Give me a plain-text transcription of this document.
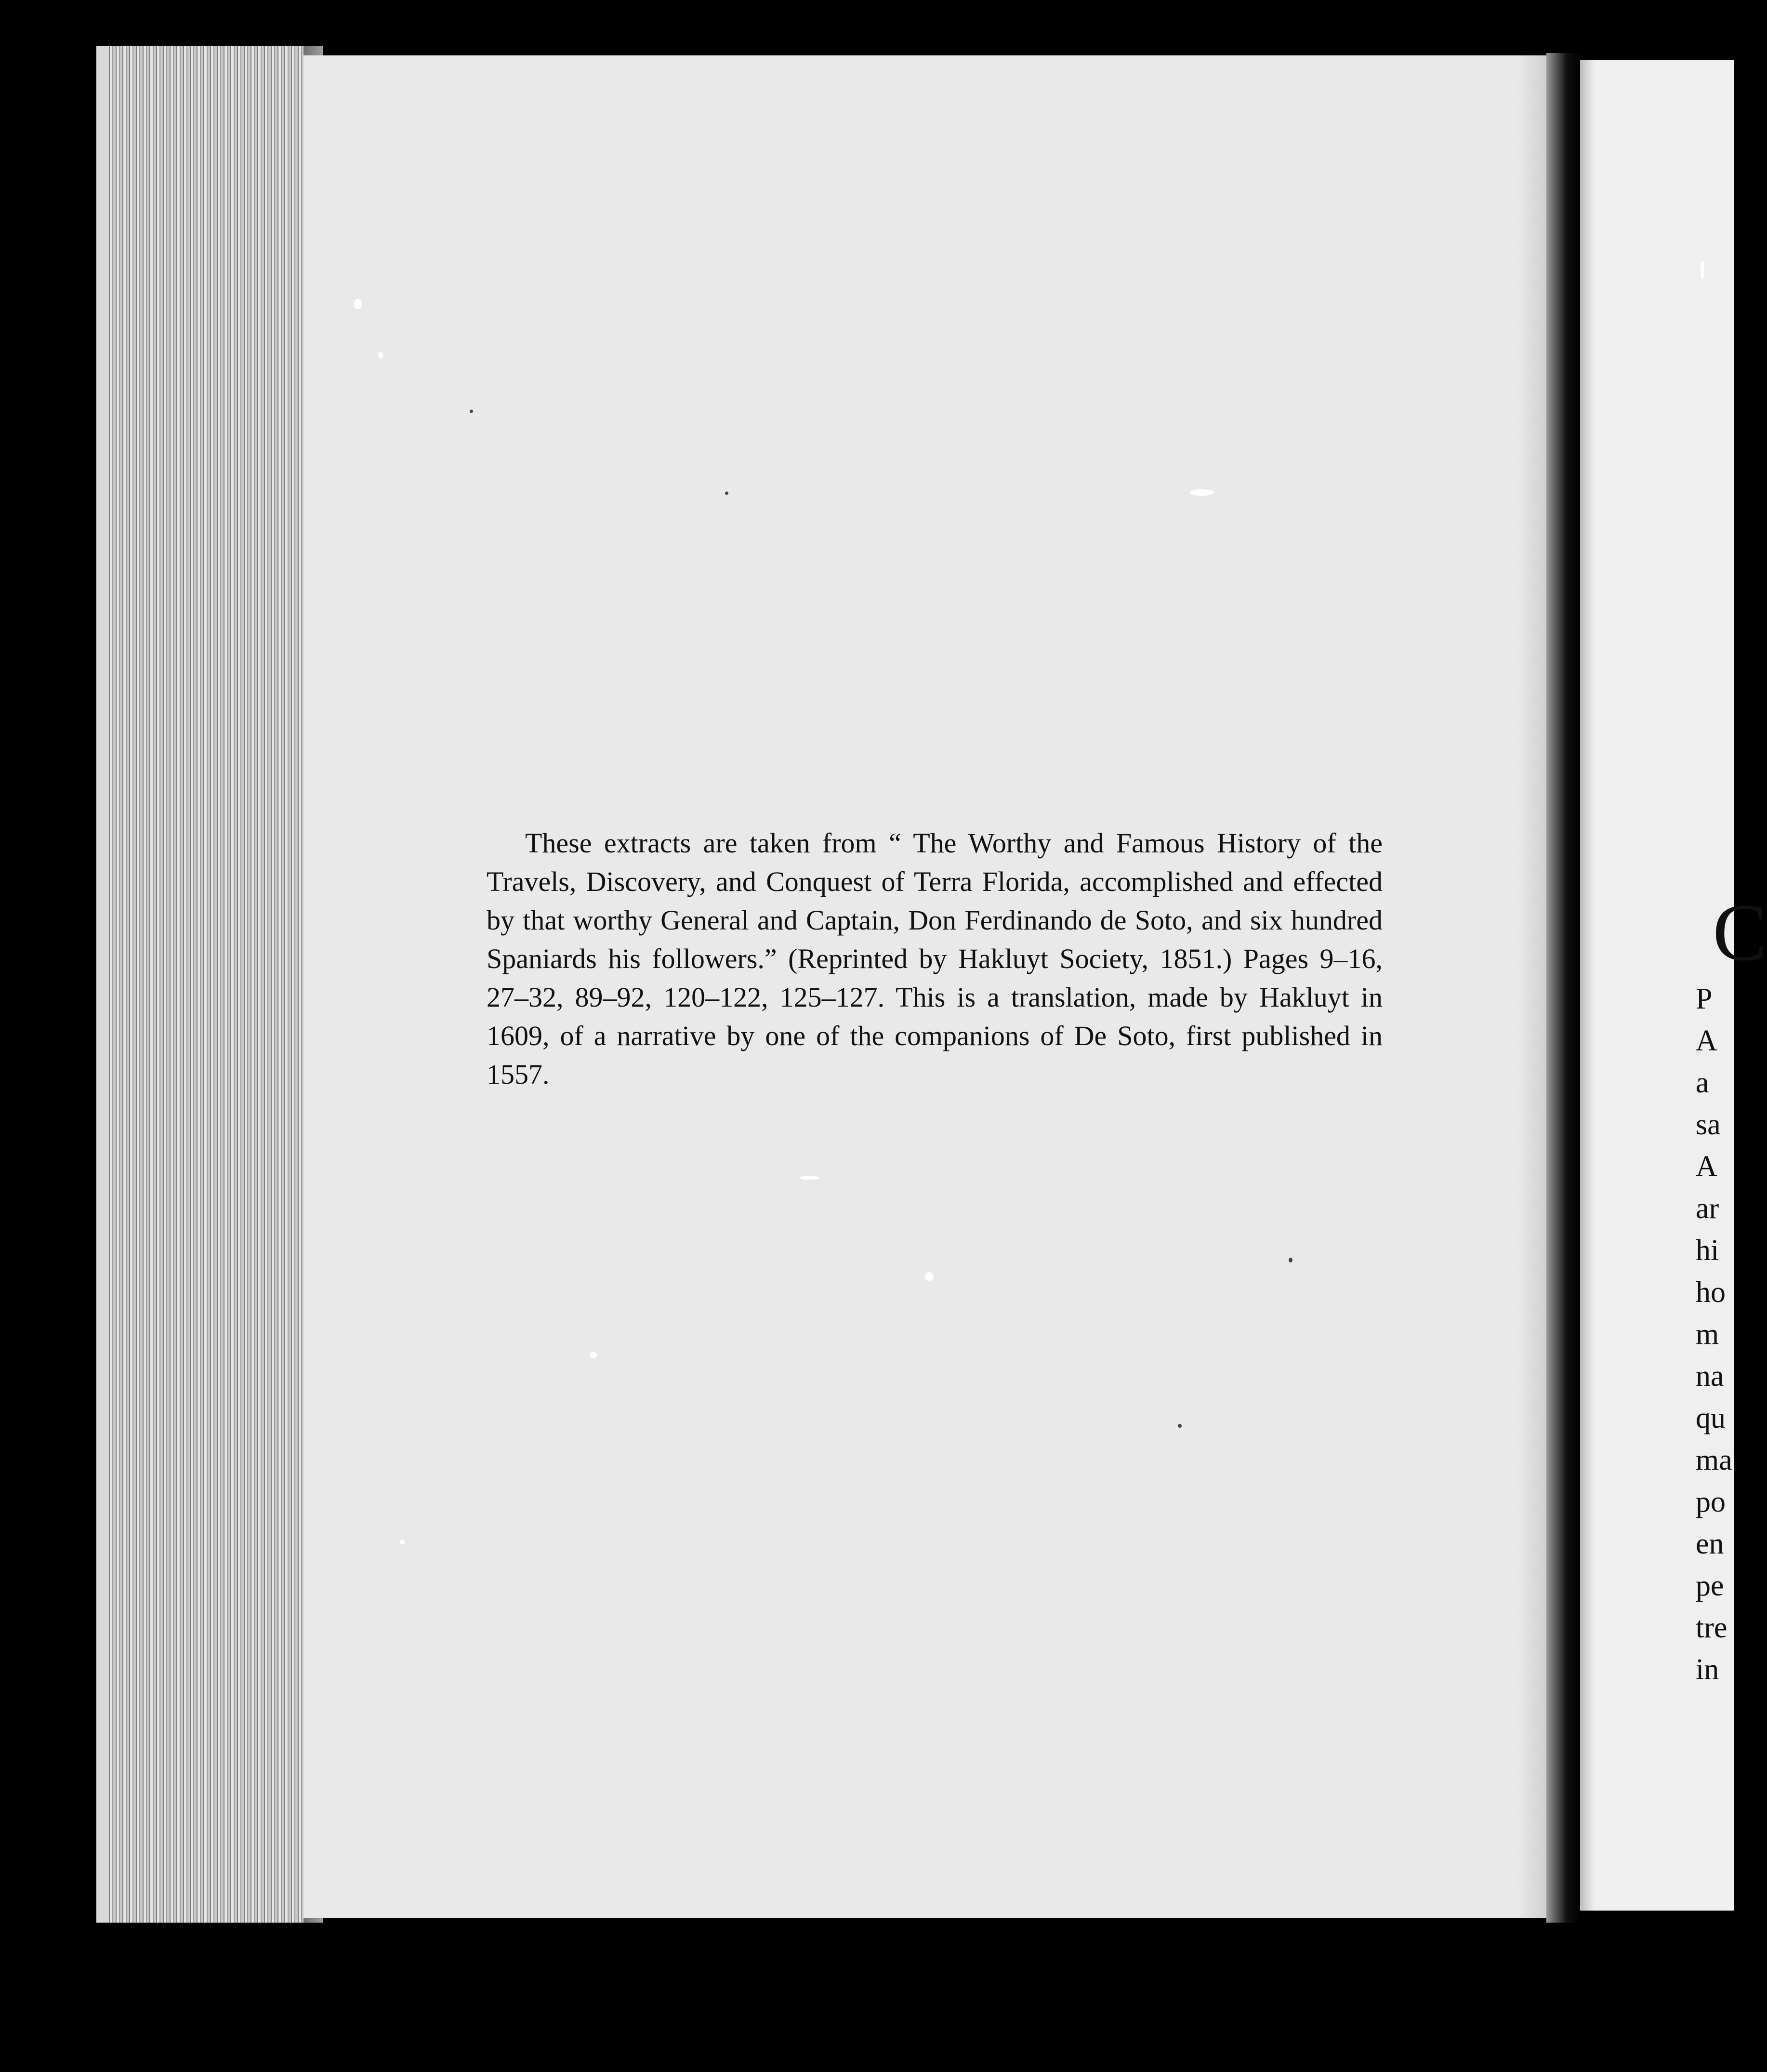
These extracts are taken from “ The Worthy and Famous History of the Travels, Discovery, and Conquest of Terra Florida, accomplished and effected by that worthy General and Captain, Don Ferdinando de Soto, and six hundred Spaniards his followers.” (Reprinted by Hakluyt Society, 1851.) Pages 9–16, 27–32, 89–92, 120–122, 125–127. This is a translation, made by Hakluyt in 1609, of a narrative by one of the companions of De Soto, first published in 1557.

C
P
A
a
sa
A
ar
hi
ho
m
na
qu
ma
po
en
pe
tre
in
